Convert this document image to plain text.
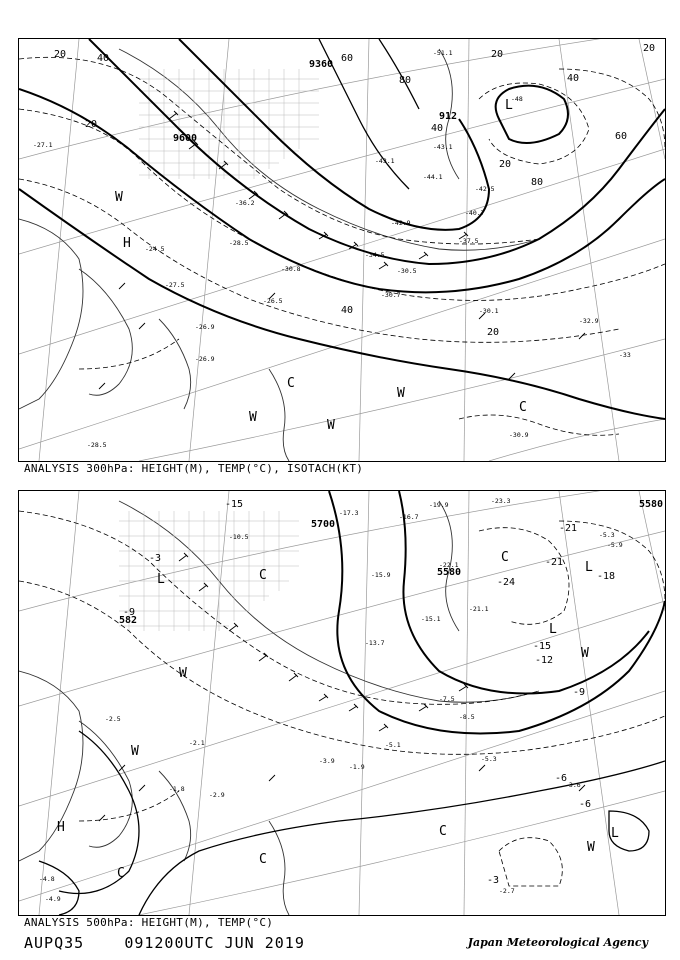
9360
9600
912
20	40	60
80
40
20
20
40
60
80
20
20
40
20
H
L
C
W
W
W
C
W
-27.1
-28.5
-27.5
-26.9
-30.7
-30.1
-32.9
-30.9
-33
-44.1
-43.1
-42.9
-40.7
-37.5
-34.5
-30.5
-36.2
-30.8
-28.5
-26.5
-48
-51.1
-43.1
-42.5
-24.5
-26.9
ANALYSIS 300hPa: HEIGHT(M), TEMP(°C), ISOTACH(KT)
5700
5580
582
5580
-15
-3
-9
-12
-15
-18
-9
-6
-6
-3
-21
-24
-21
L	C
H
W
C
C
W
L
W
C	L
W
C
L
-17.3	-16.7
-19.9	-23.3
-15.9
-15.1
-13.7
-10.5
-7.5
-8.5
-5.1
-3.9	-5.3
-2.7
-2.1
-2.9
-3.6
-1.9
-22.1
-21.1
-5.3
-5.9
-4.8
-4.9
-1.8
-2.5
ANALYSIS 500hPa: HEIGHT(M), TEMP(°C)
AUPQ35	091200UTC JUN 2019	Japan Meteorological Agency
